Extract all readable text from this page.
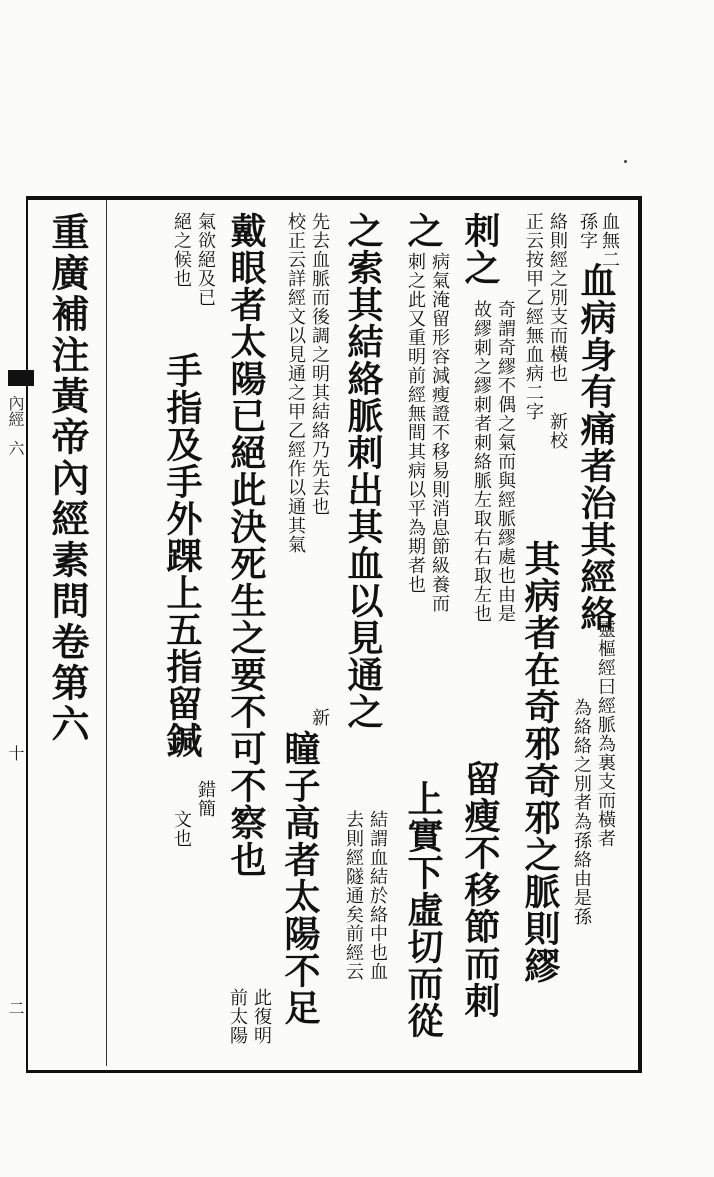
內經
六
十
二
重廣補注黃帝內經素問卷第六	血無二
孫字
血病身有痛者治其經絡
靈樞經曰經脈為裏支而橫者
為絡絡之別者為孫絡由是孫
絡則經之別支而橫也
新校
正云按甲乙經無血病二字
其病者在奇邪奇邪之脈則繆
刺之
奇謂奇繆不偶之氣而與經脈繆處也由是
故繆刺之繆刺者刺絡脈左取右右取左也
留瘦不移節而刺
之
病氣淹留形容減瘦證不移易則消息節級養而
刺之此又重明前經無間其病以平為期者也
上實下虛切而從
之索其結絡脈刺出其血以見通之
結謂血結於絡中也血
去則經隧通矣前經云
先去血脈而後調之明其結絡乃先去也
新
校正云詳經文以見通之甲乙經作以通其氣
瞳子高者太陽不足
戴眼者太陽已絕此決死生之要不可不察也
此復明
前太陽
氣欲絕及已
絕之候也
手指及手外踝上五指留鍼
錯簡
文也
